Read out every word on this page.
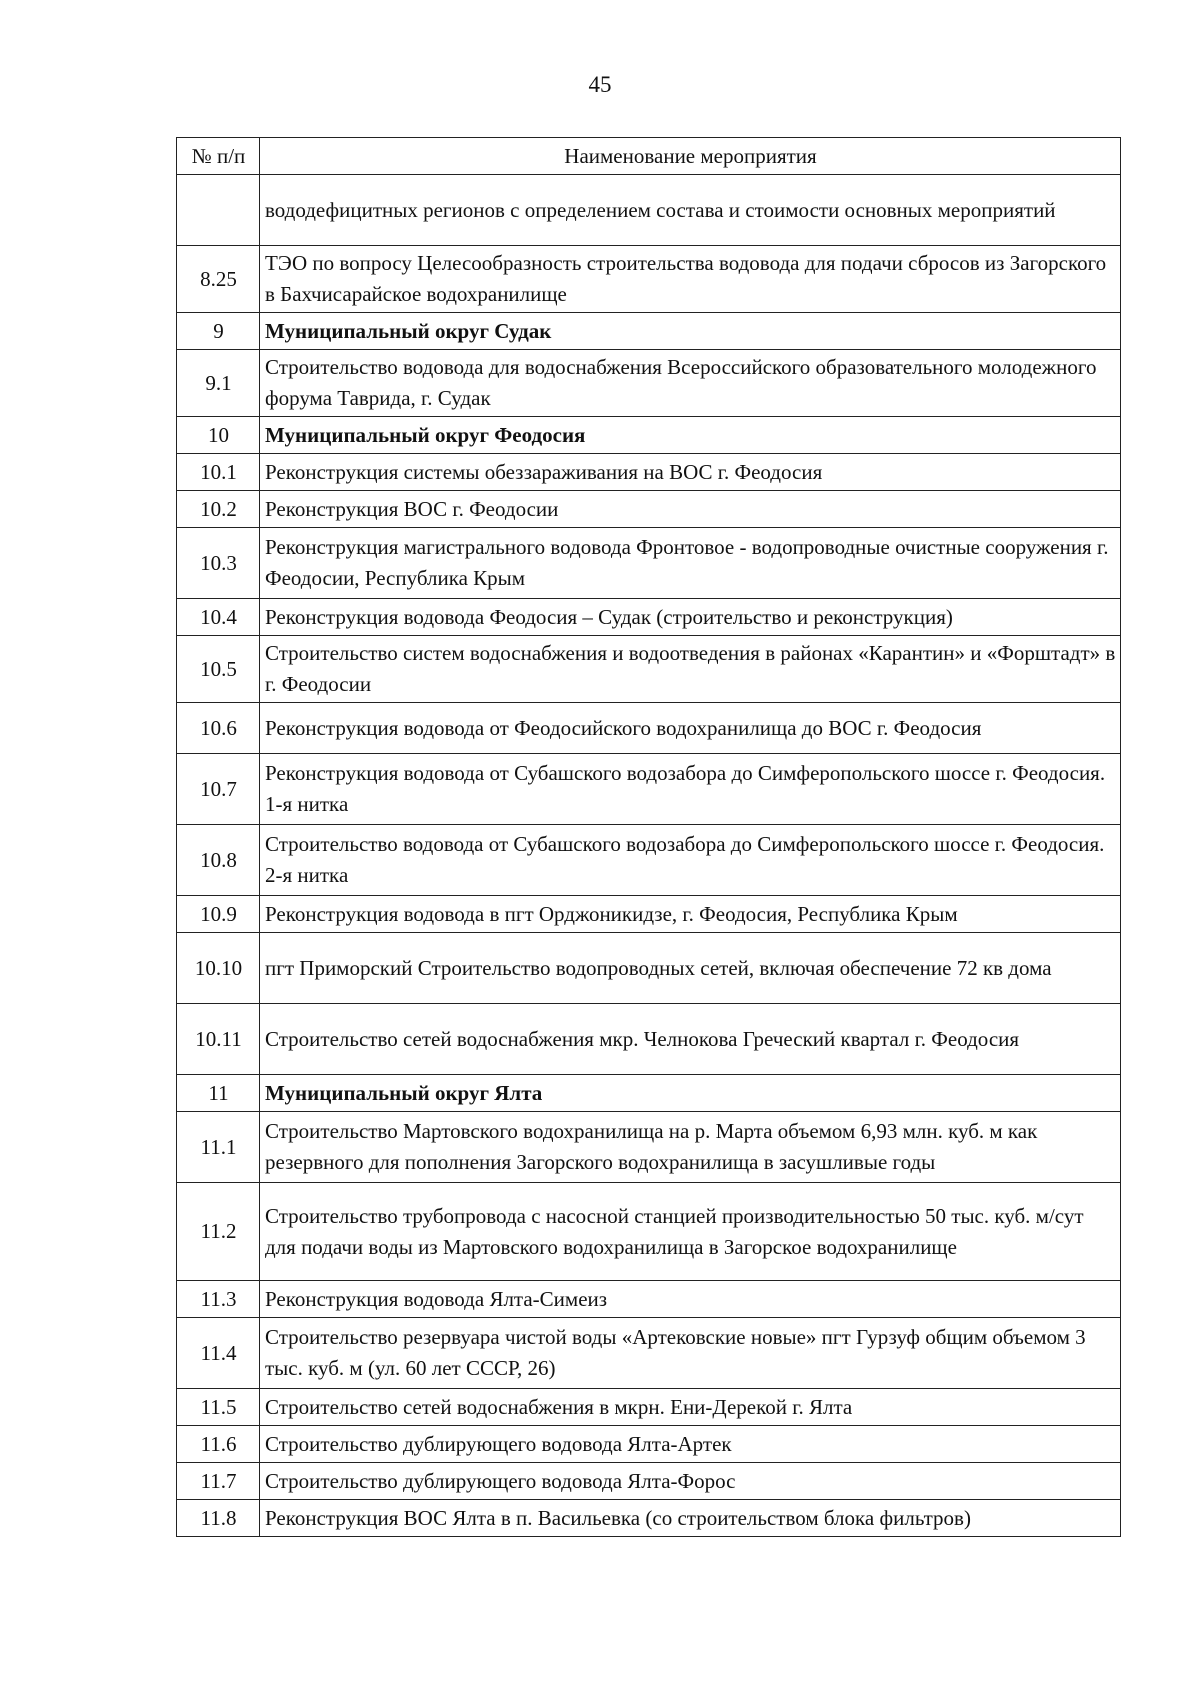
45
№ п/п	Наименование мероприятия
	вододефицитных регионов с определением состава и стоимости основных мероприятий
8.25	ТЭО по вопросу Целесообразность строительства водовода для подачи сбросов из Загорского в Бахчисарайское водохранилище
9	Муниципальный округ Судак
9.1	Строительство водовода для водоснабжения Всероссийского образовательного молодежного форума Таврида, г. Судак
10	Муниципальный округ Феодосия
10.1	Реконструкция системы обеззараживания на ВОС г. Феодосия
10.2	Реконструкция ВОС г. Феодосии
10.3	Реконструкция магистрального водовода Фронтовое - водопроводные очистные сооружения г. Феодосии, Республика Крым
10.4	Реконструкция водовода Феодосия – Судак (строительство и реконструкция)
10.5	Строительство систем водоснабжения и водоотведения в районах «Карантин» и «Форштадт» в г. Феодосии
10.6	Реконструкция водовода от Феодосийского водохранилища до ВОС г. Феодосия
10.7	Реконструкция водовода от Субашского водозабора до Симферопольского шоссе г. Феодосия. 1-я нитка
10.8	Строительство водовода от Субашского водозабора до Симферопольского шоссе г. Феодосия. 2-я нитка
10.9	Реконструкция водовода в пгт Орджоникидзе, г. Феодосия, Республика Крым
10.10	пгт Приморский Строительство водопроводных сетей, включая обеспечение 72 кв дома
10.11	Строительство сетей водоснабжения мкр. Челнокова Греческий квартал г. Феодосия
11	Муниципальный округ Ялта
11.1	Строительство Мартовского водохранилища на р. Марта объемом 6,93 млн. куб. м как резервного для пополнения Загорского водохранилища в засушливые годы
11.2	Строительство трубопровода с насосной станцией производительностью 50 тыс. куб. м/сут для подачи воды из Мартовского водохранилища в Загорское водохранилище
11.3	Реконструкция водовода Ялта-Симеиз
11.4	Строительство резервуара чистой воды «Артековские новые» пгт Гурзуф общим объемом 3 тыс. куб. м (ул. 60 лет СССР, 26)
11.5	Строительство сетей водоснабжения в мкрн. Ени-Дерекой г. Ялта
11.6	Строительство дублирующего водовода Ялта-Артек
11.7	Строительство дублирующего водовода Ялта-Форос
11.8	Реконструкция ВОС Ялта в п. Васильевка (со строительством блока фильтров)
